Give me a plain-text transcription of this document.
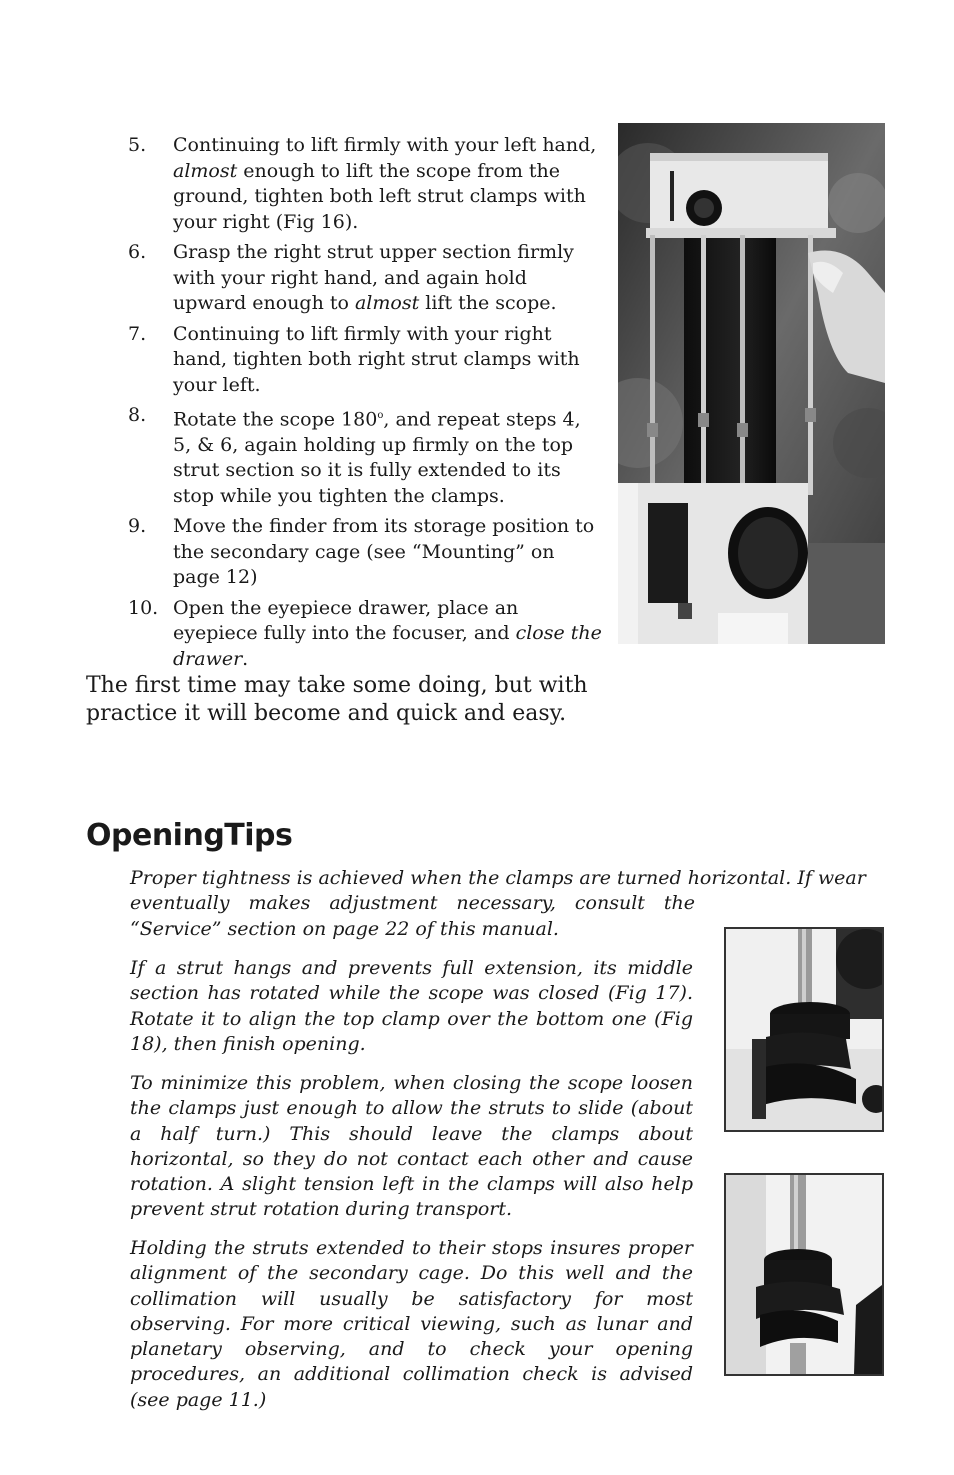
5.	Continuing to lift firmly with your left hand, almost enough to lift the scope from the ground, tighten both left strut clamps with your right (Fig 16).
6.	Grasp the right strut upper section firmly with your right hand, and again hold upward enough to almost lift the scope.
7.	Continuing to lift firmly with your right hand, tighten both right strut clamps with your left.
8.	Rotate the scope 180$^o$, and repeat steps 4, 5, & 6, again holding up firmly on the top strut section so it is fully extended to its stop while you tighten the clamps.
9.	Move the finder from its storage position to the secondary cage (see “Mounting” on page 12)
10. Open the eyepiece drawer, place an eyepiece fully into the focuser, and close the drawer.

The first time may take some doing, but with practice it will become and quick and easy.

OpeningTips

Proper tightness is achieved when the clamps are turned horizontal. If wear
eventually makes adjustment necessary, consult the “Service” section on page 22 of this manual.

If a strut hangs and prevents full extension, its middle section has rotated while the scope was closed (Fig 17). Rotate it to align the top clamp over the bottom one (Fig 18), then finish opening.

To minimize this problem, when closing the scope loosen the clamps just enough to allow the struts to slide (about a half turn.) This should leave the clamps about horizontal, so they do not contact each other and cause rotation. A slight tension left in the clamps will also help prevent strut rotation during transport.

Holding the struts extended to their stops insures proper alignment of the secondary cage. Do this well and the collimation will usually be satisfactory for most observing. For more critical viewing, such as lunar and planetary observing, and to check your opening procedures, an additional collimation check is advised (see page 11.)
